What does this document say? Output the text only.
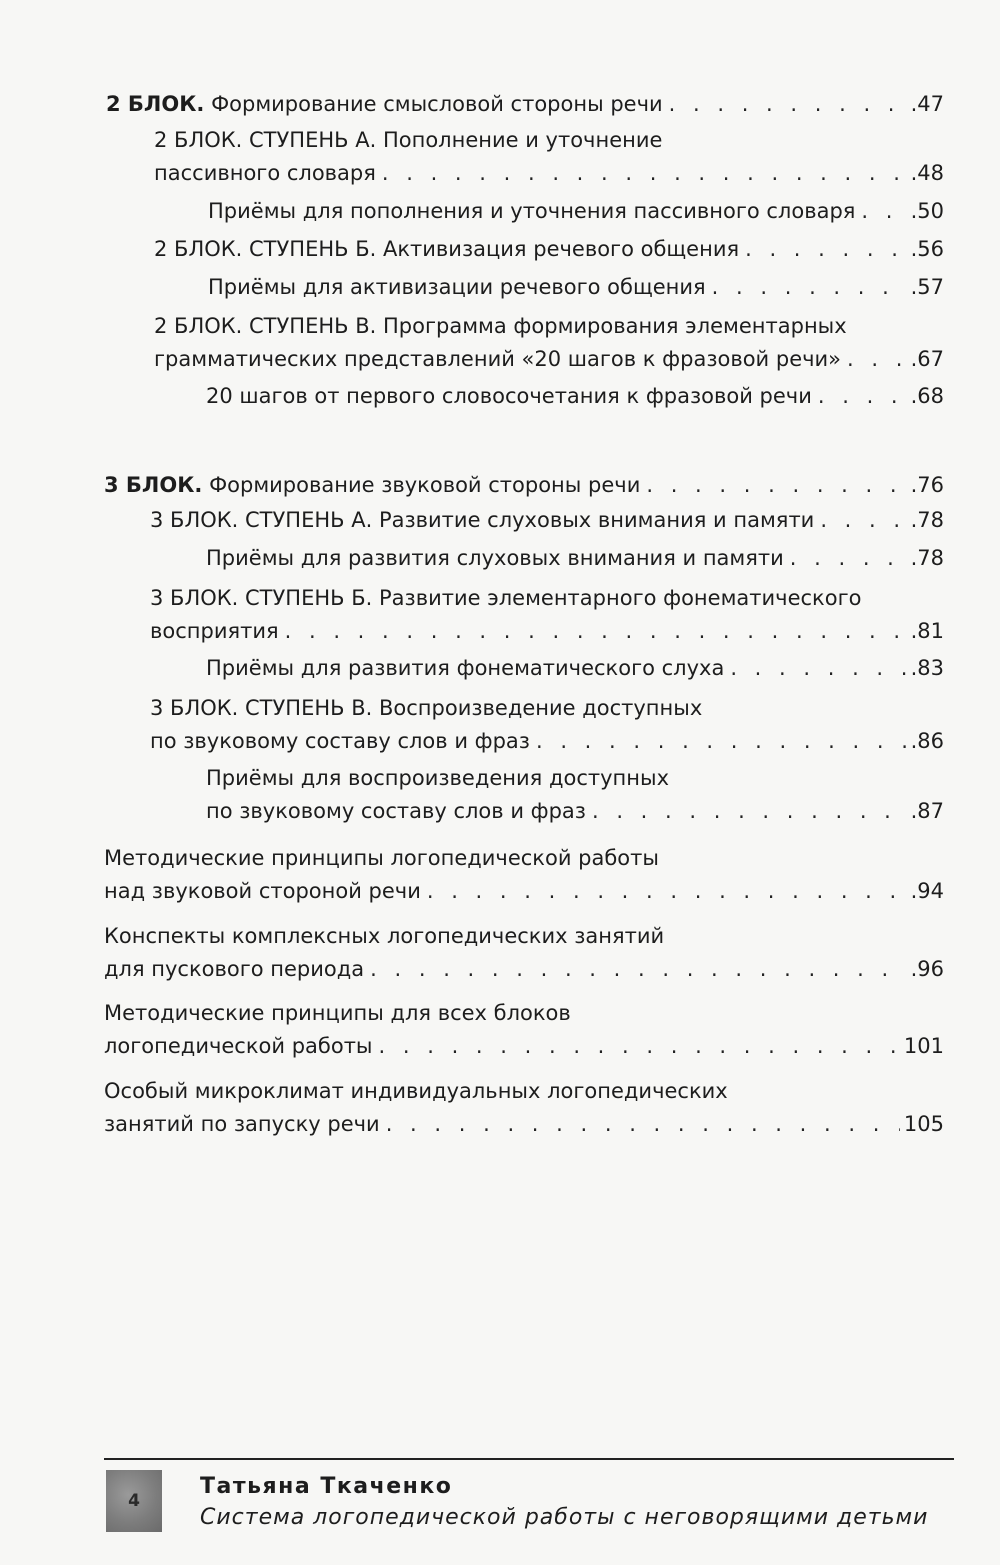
2 БЛОК. Формирование смысловой стороны речи . . .	.47
2 БЛОК. СТУПЕНЬ А. Пополнение и уточнение
пассивного словаря . . .	.48
Приёмы для пополнения и уточнения пассивного словаря . . .	.50
2 БЛОК. СТУПЕНЬ Б. Активизация речевого общения . . .	.56
Приёмы для активизации речевого общения . . .	.57
2 БЛОК. СТУПЕНЬ В. Программа формирования элементарных
грамматических представлений «20 шагов к фразовой речи» . . .	.67
20 шагов от первого словосочетания к фразовой речи . . .	.68
3 БЛОК. Формирование звуковой стороны речи . . .	.76
3 БЛОК. СТУПЕНЬ А. Развитие слуховых внимания и памяти . . .	.78
Приёмы для развития слуховых внимания и памяти . . .	.78
3 БЛОК. СТУПЕНЬ Б. Развитие элементарного фонематического
восприятия . . .	.81
Приёмы для развития фонематического слуха . . .	.83
3 БЛОК. СТУПЕНЬ В. Воспроизведение доступных
по звуковому составу слов и фраз . . .	.86
Приёмы для воспроизведения доступных
по звуковому составу слов и фраз . . .	.87
Методические принципы логопедической работы
над звуковой стороной речи . . .	.94
Конспекты комплексных логопедических занятий
для пускового периода . . .	.96
Методические принципы для всех блоков
логопедической работы . . .	101
Особый микроклимат индивидуальных логопедических
занятий по запуску речи . . .	105
4
Татьяна Ткаченко
Система логопедической работы с неговорящими детьми
